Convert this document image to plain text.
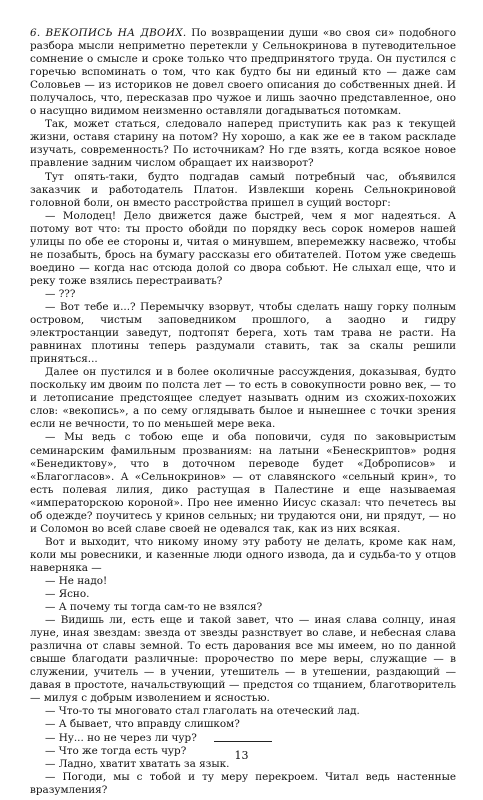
6. ВЕКОПИСЬ НА ДВОИХ. По возвращении души «во своя си» подобного разбора мысли неприметно перетекли у Сельнокринова в путеводительное сомнение о смысле и сроке только что предпринятого труда. Он пустился с горечью вспоминать о том, что как будто бы ни единый кто — даже сам Соловьев — из историков не довел своего описания до собственных дней. И получалось, что, пересказав про чужое и лишь заочно представленное, оно о насущно видимом неизменно оставляли догадываться потомкам.

Так, может статься, следовало наперед приступить как раз к текущей жизни, оставя старину на потом? Ну хорошо, а как же ее в таком раскладе изучать, современность? По источникам? Но где взять, когда всякое новое правление задним числом обращает их наизворот?

Тут опять-таки, будто подгадав самый потребный час, объявился заказчик и работодатель Платон. Извлекши корень Сельнокриновой головной боли, он вместо расстройства пришел в сущий восторг:

— Молодец! Дело движется даже быстрей, чем я мог надеяться. А потому вот что: ты просто обойди по порядку весь сорок номеров нашей улицы по обе ее стороны и, читая о минувшем, вперемежку насвежо, чтобы не позабыть, брось на бумагу рассказы его обитателей. Потом уже сведешь воедино — когда нас отсюда долой со двора собьют. Не слыхал еще, что и реку тоже взялись перестраивать?

— ???

— Вот тебе и...? Перемычку взорвут, чтобы сделать нашу горку полным островом, чистым заповедником прошлого, а заодно и гидру электростанции заведут, подтопят берега, хоть там трава не расти. На равнинах плотины теперь раздумали ставить, так за скалы решили приняться...

Далее он пустился и в более околичные рассуждения, доказывая, будто поскольку им двоим по полста лет — то есть в совокупности ровно век, — то и летописание предстоящее следует называть одним из схожих-похожих слов: «векопись», а по сему оглядывать былое и нынешнее с точки зрения если не вечности, то по меньшей мере века.

— Мы ведь с тобою еще и оба поповичи, судя по заковыристым семинарским фамильным прозваниям: на латыни «Бенескриптов» родня «Бенедиктову», что в доточном переводе будет «Доброписов» и «Благогласов». А «Сельнокринов» — от славянского «сельный крин», то есть полевая лилия, дико растущая в Палестине и еще называемая «императорскою короной». Про нее именно Иисус сказал: что печетесь вы об одежде? поучитесь у кринов сельных; ни трудаются они, ни прядут, — но и Соломон во всей славе своей не одевался так, как из них всякая.

Вот и выходит, что никому иному эту работу не делать, кроме как нам, коли мы ровесники, и казенные люди одного извода, да и судьба-то у отцов наверняка —

— Не надо!

— Ясно.

— А почему ты тогда сам-то не взялся?

— Видишь ли, есть еще и такой завет, что — иная слава солнцу, иная луне, иная звездам: звезда от звезды разнствует во славе, и небесная слава различна от славы земной. То есть дарования все мы имеем, но по данной свыше благодати различные: пророчество по мере веры, служащие — в служении, учитель — в учении, утешитель — в утешении, раздающий — давая в простоте, начальствующий — предстоя со тщанием, благотворитель — милуя с добрым изволением и ясностью.

— Что-то ты многовато стал глаголать на отеческий лад.

— А бывает, что вправду слишком?

— Ну... но не через ли чур?

— Что же тогда есть чур?

— Ладно, хватит хватать за язык.

— Погоди, мы с тобой и ту меру перекроем. Читал ведь настенные вразумления?

13
